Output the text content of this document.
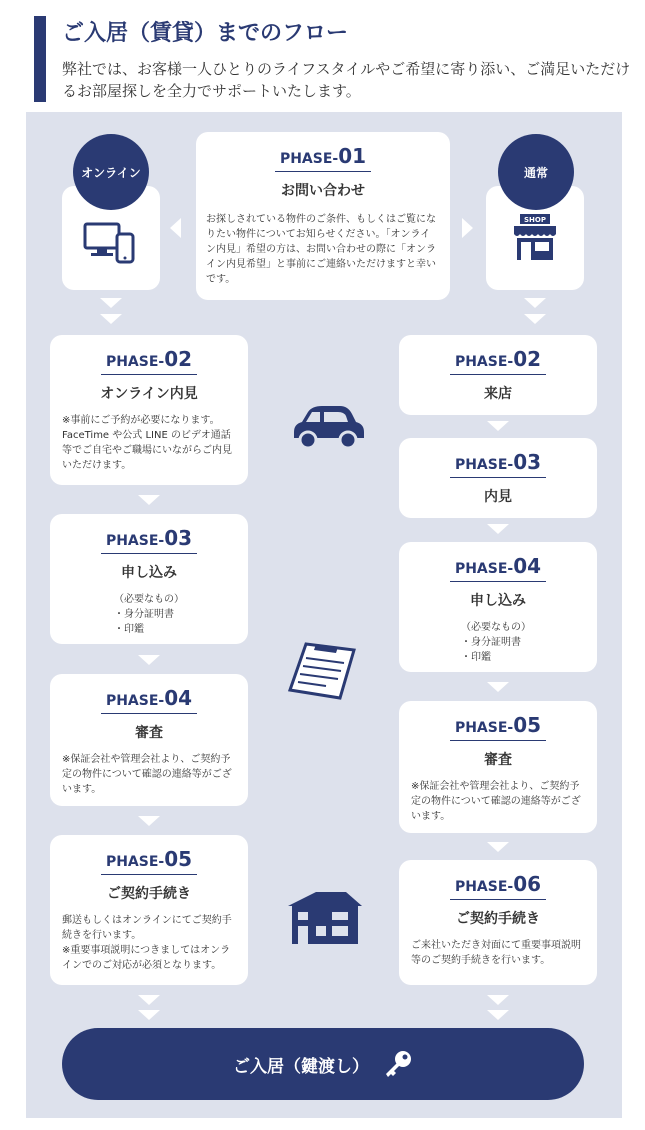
ご入居（賃貸）までのフロー
弊社では、お客様一人ひとりのライフスタイルやご希望に寄り添い、ご満足いただけるお部屋探しを全力でサポートいたします。
オンライン
SHOP
通常
PHASE-01
お問い合わせ
お探しされている物件のご条件、もしくはご覧になりたい物件についてお知らせください。「オンライン内見」希望の方は、お問い合わせの際に「オンライン内見希望」と事前にご連絡いただけますと幸いです。
PHASE-02
オンライン内見
※事前にご予約が必要になります。FaceTime や公式 LINE のビデオ通話等でご自宅やご職場にいながらご内見いただけます。
PHASE-03
申し込み
（必要なもの）
・身分証明書
・印鑑
PHASE-04
審査
※保証会社や管理会社より、ご契約予定の物件について確認の連絡等がございます。
PHASE-05
ご契約手続き
郵送もしくはオンラインにてご契約手続きを行います。
※重要事項説明につきましてはオンラインでのご対応が必須となります。
PHASE-02
来店
PHASE-03
内見
PHASE-04
申し込み
（必要なもの）
・身分証明書
・印鑑
PHASE-05
審査
※保証会社や管理会社より、ご契約予定の物件について確認の連絡等がございます。
PHASE-06
ご契約手続き
ご来社いただき対面にて重要事項説明等のご契約手続きを行います。
ご入居（鍵渡し）
